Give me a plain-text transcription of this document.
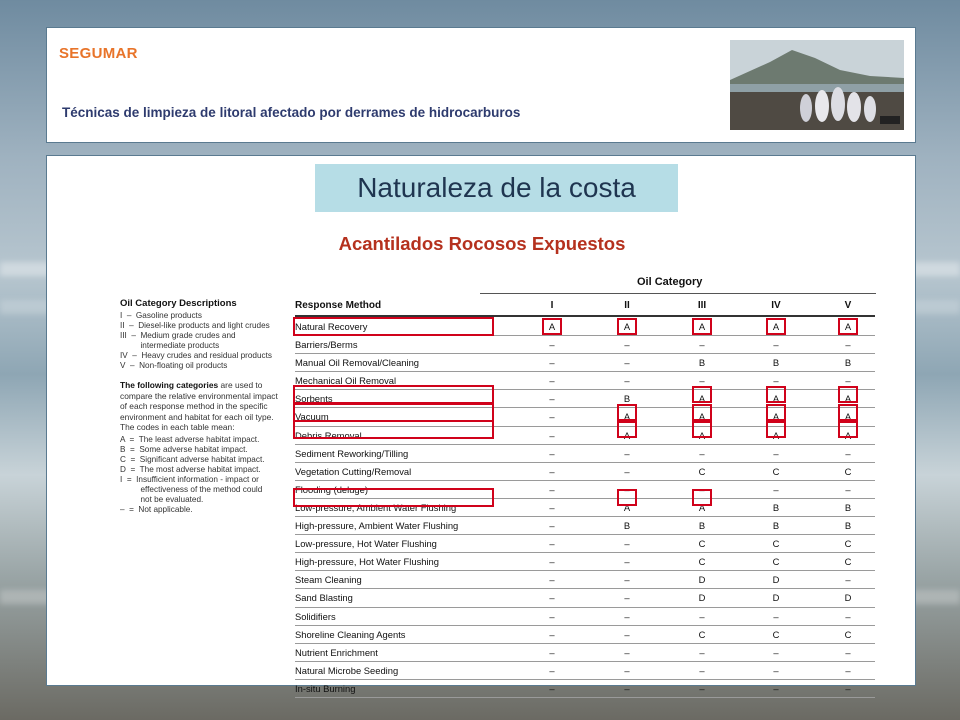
SEGUMAR
Técnicas de limpieza de litoral afectado por derrames de hidrocarburos
Naturaleza de la costa
Acantilados Rocosos Expuestos
Oil Category Descriptions
I  –  Gasoline products
II  –  Diesel-like products and light crudes
III  –  Medium grade crudes and
intermediate products
IV  –  Heavy crudes and residual products
V  –  Non-floating oil products
The following categories are used to compare the relative environmental impact of each response method in the specific environment and habitat for each oil type. The codes in each table mean:
A  =  The least adverse habitat impact.
B  =  Some adverse habitat impact.
C  =  Significant adverse habitat impact.
D  =  The most adverse habitat impact.
I  =  Insufficient information - impact or
effectiveness of the method could
not be evaluated.
–  =  Not applicable.
Oil Category
Response Method	I	II	III	IV	V
Natural Recovery	A	A	A	A	A
Barriers/Berms	–	–	–	–	–
Manual Oil Removal/Cleaning	–	–	B	B	B
Mechanical Oil Removal	–	–	–	–	–
Sorbents	–	B	A	A	A
Vacuum	–	A	A	A	A
Debris Removal	–	A	A	A	A
Sediment Reworking/Tilling	–	–	–	–	–
Vegetation Cutting/Removal	–	–	C	C	C
Flooding (deluge)	–	–	–	–	–
Low-pressure, Ambient Water Flushing	–	A	A	B	B
High-pressure, Ambient Water Flushing	–	B	B	B	B
Low-pressure, Hot Water Flushing	–	–	C	C	C
High-pressure, Hot Water Flushing	–	–	C	C	C
Steam Cleaning	–	–	D	D	–
Sand Blasting	–	–	D	D	D
Solidifiers	–	–	–	–	–
Shoreline Cleaning Agents	–	–	C	C	C
Nutrient Enrichment	–	–	–	–	–
Natural Microbe Seeding	–	–	–	–	–
In-situ Burning	–	–	–	–	–
